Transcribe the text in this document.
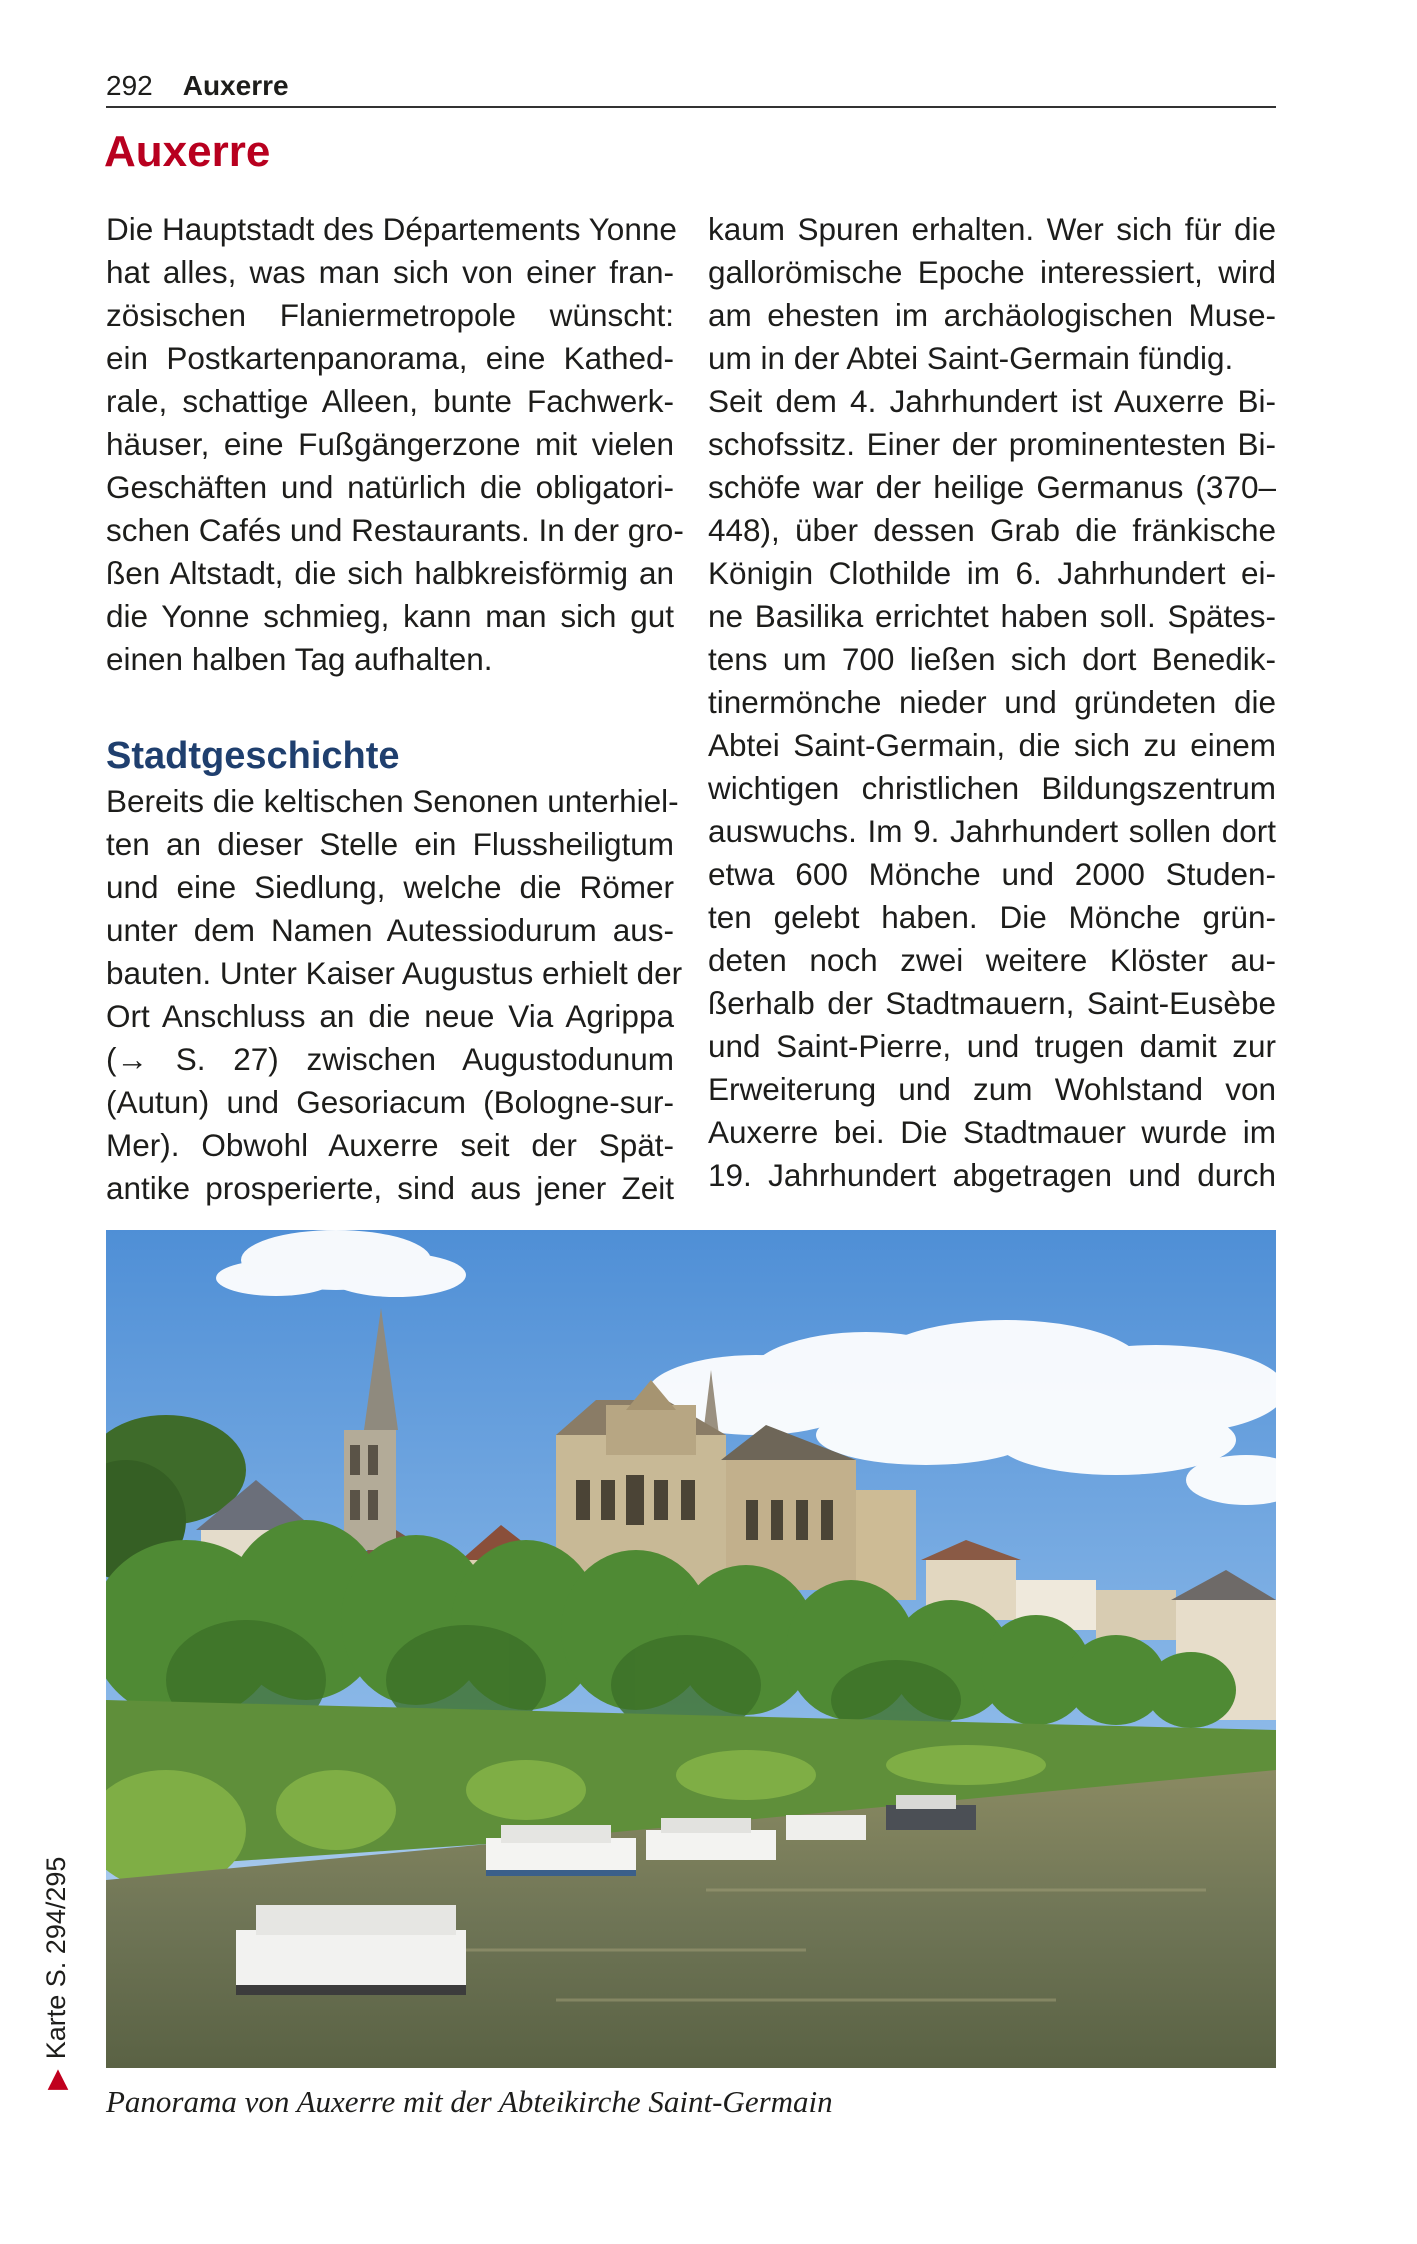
292 Auxerre
Auxerre
Die Hauptstadt des Départements Yonne
hat alles, was man sich von einer fran-
zösischen Flaniermetropole wünscht:
ein Postkartenpanorama, eine Kathed-
rale, schattige Alleen, bunte Fachwerk-
häuser, eine Fußgängerzone mit vielen
Geschäften und natürlich die obligatori-
schen Cafés und Restaurants. In der gro-
ßen Altstadt, die sich halbkreisförmig an
die Yonne schmieg, kann man sich gut
einen halben Tag aufhalten.
Stadtgeschichte
Bereits die keltischen Senonen unterhiel-
ten an dieser Stelle ein Flussheiligtum
und eine Siedlung, welche die Römer
unter dem Namen Autessiodurum aus-
bauten. Unter Kaiser Augustus erhielt der
Ort Anschluss an die neue Via Agrippa
(→ S. 27) zwischen Augustodunum
(Autun) und Gesoriacum (Bologne-sur-
Mer). Obwohl Auxerre seit der Spät-
antike prosperierte, sind aus jener Zeit
kaum Spuren erhalten. Wer sich für die
gallorömische Epoche interessiert, wird
am ehesten im archäologischen Muse-
um in der Abtei Saint-Germain fündig.
Seit dem 4. Jahrhundert ist Auxerre Bi-
schofssitz. Einer der prominentesten Bi-
schöfe war der heilige Germanus (370–
448), über dessen Grab die fränkische
Königin Clothilde im 6. Jahrhundert ei-
ne Basilika errichtet haben soll. Spätes-
tens um 700 ließen sich dort Benedik-
tinermönche nieder und gründeten die
Abtei Saint-Germain, die sich zu einem
wichtigen christlichen Bildungszentrum
auswuchs. Im 9. Jahrhundert sollen dort
etwa 600 Mönche und 2000 Studen-
ten gelebt haben. Die Mönche grün-
deten noch zwei weitere Klöster au-
ßerhalb der Stadtmauern, Saint-Eusèbe
und Saint-Pierre, und trugen damit zur
Erweiterung und zum Wohlstand von
Auxerre bei. Die Stadtmauer wurde im
19. Jahrhundert abgetragen und durch
Panorama von Auxerre mit der Abteikirche Saint-Germain
▶Karte S. 294/295
